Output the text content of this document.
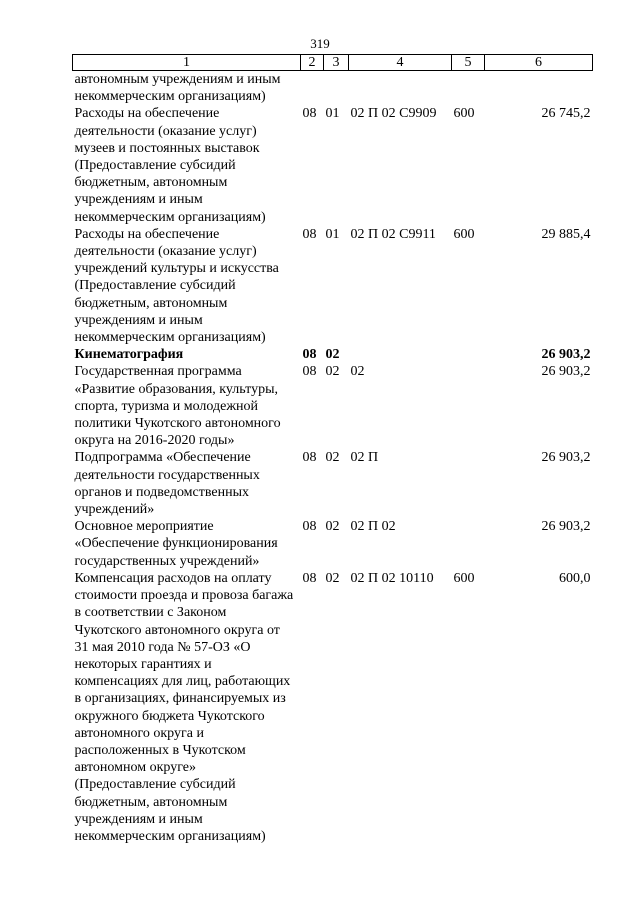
319
1	2	3	4	5	6
автономным учреждениям и иным некоммерческим организациям)					
Расходы на обеспечение деятельности (оказание услуг) музеев и постоянных выставок (Предоставление субсидий бюджетным, автономным учреждениям и иным некоммерческим организациям)	08	01	02 П 02 С9909	600	26 745,2
Расходы на обеспечение деятельности (оказание услуг) учреждений культуры и искусства (Предоставление субсидий бюджетным, автономным учреждениям и иным некоммерческим организациям)	08	01	02 П 02 С9911	600	29 885,4
Кинематография	08	02			26 903,2
Государственная программа «Развитие образования, культуры, спорта, туризма и молодежной политики Чукотского автономного округа на 2016-2020 годы»	08	02	02		26 903,2
Подпрограмма «Обеспечение деятельности государственных органов и подведомственных учреждений»	08	02	02 П		26 903,2
Основное мероприятие «Обеспечение функционирования государственных учреждений»	08	02	02 П 02		26 903,2
Компенсация расходов на оплату стоимости проезда и провоза багажа в соответствии с Законом Чукотского автономного округа от 31 мая 2010 года № 57-ОЗ «О некоторых гарантиях и компенсациях для лиц, работающих в организациях, финансируемых из окружного бюджета Чукотского автономного округа и расположенных в Чукотском автономном округе» (Предоставление субсидий бюджетным, автономным учреждениям и иным некоммерческим организациям)	08	02	02 П 02 10110	600	600,0
